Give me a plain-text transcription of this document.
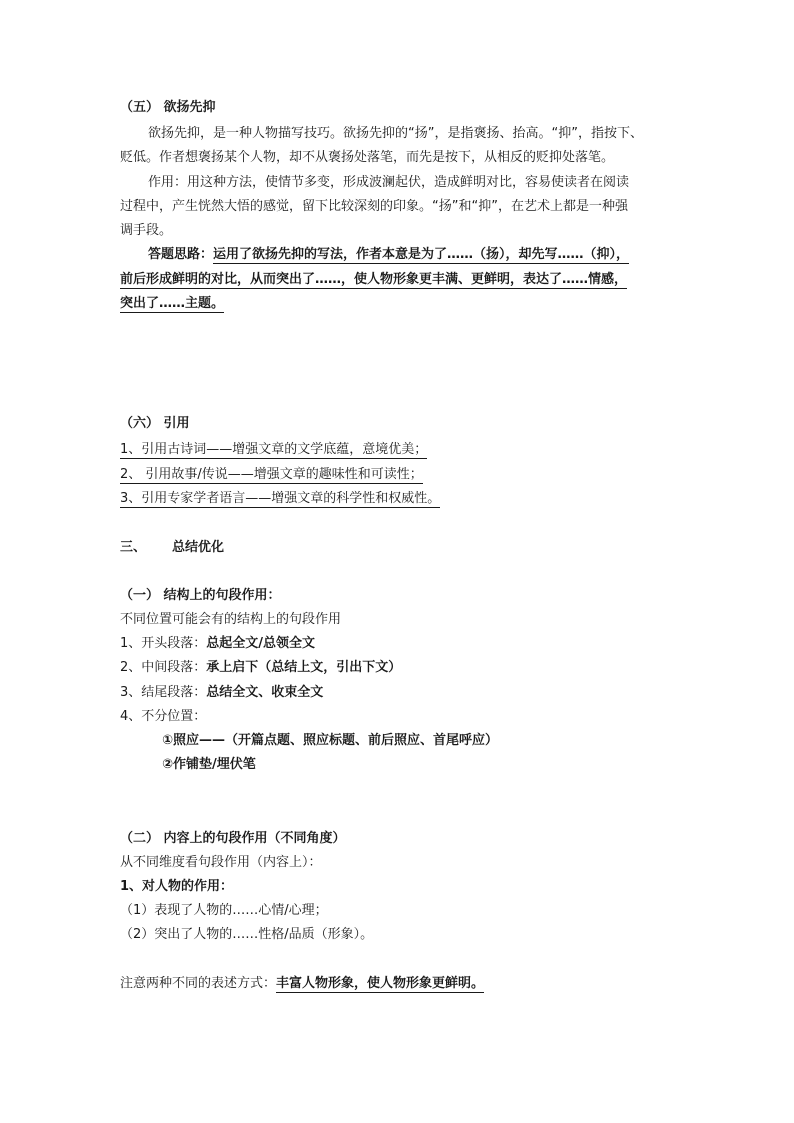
（五） 欲扬先抑
欲扬先抑，是一种人物描写技巧。欲扬先抑的“扬”，是指褒扬、抬高。“抑”，指按下、
贬低。作者想褒扬某个人物，却不从褒扬处落笔，而先是按下，从相反的贬抑处落笔。
作用：用这种方法，使情节多变，形成波澜起伏，造成鲜明对比，容易使读者在阅读
过程中，产生恍然大悟的感觉，留下比较深刻的印象。“扬”和“抑”，在艺术上都是一种强
调手段。
答题思路：运用了欲扬先抑的写法，作者本意是为了……（扬），却先写……（抑），
前后形成鲜明的对比，从而突出了……，使人物形象更丰满、更鲜明，表达了……情感，
突出了……主题。
（六） 引用
1、引用古诗词——增强文章的文学底蕴，意境优美；
2、 引用故事/传说——增强文章的趣味性和可读性；
3、引用专家学者语言——增强文章的科学性和权威性。
三、 总结优化
（一） 结构上的句段作用：
不同位置可能会有的结构上的句段作用
1、开头段落：总起全文/总领全文
2、中间段落：承上启下（总结上文，引出下文）
3、结尾段落：总结全文、收束全文
4、不分位置：
①照应——（开篇点题、照应标题、前后照应、首尾呼应）
②作铺垫/埋伏笔
（二） 内容上的句段作用（不同角度）
从不同维度看句段作用（内容上）：
1、对人物的作用：
（1）表现了人物的……心情/心理；
（2）突出了人物的……性格/品质（形象）。
注意两种不同的表述方式：丰富人物形象，使人物形象更鲜明。
